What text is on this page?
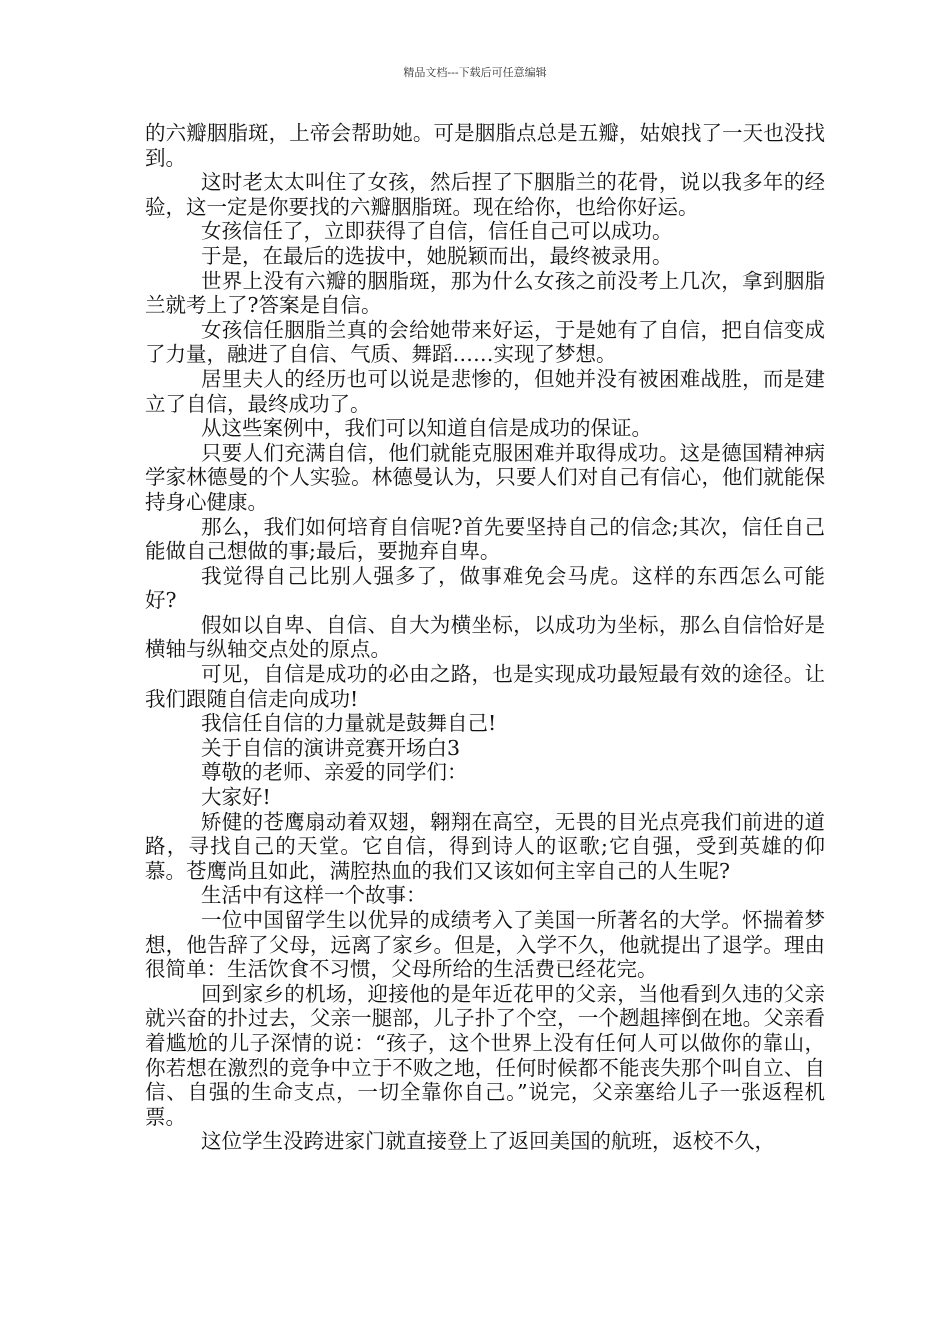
精品文档---下载后可任意编辑

的六瓣胭脂斑，上帝会帮助她。可是胭脂点总是五瓣，姑娘找了一天也没找到。

这时老太太叫住了女孩，然后捏了下胭脂兰的花骨，说以我多年的经验，这一定是你要找的六瓣胭脂斑。现在给你，也给你好运。

女孩信任了，立即获得了自信，信任自己可以成功。

于是，在最后的选拔中，她脱颖而出，最终被录用。

世界上没有六瓣的胭脂斑，那为什么女孩之前没考上几次，拿到胭脂兰就考上了?答案是自信。

女孩信任胭脂兰真的会给她带来好运，于是她有了自信，把自信变成了力量，融进了自信、气质、舞蹈……实现了梦想。

居里夫人的经历也可以说是悲惨的，但她并没有被困难战胜，而是建立了自信，最终成功了。

从这些案例中，我们可以知道自信是成功的保证。

只要人们充满自信，他们就能克服困难并取得成功。这是德国精神病学家林德曼的个人实验。林德曼认为，只要人们对自己有信心，他们就能保持身心健康。

那么，我们如何培育自信呢?首先要坚持自己的信念;其次，信任自己能做自己想做的事;最后，要抛弃自卑。

我觉得自己比别人强多了，做事难免会马虎。这样的东西怎么可能好?

假如以自卑、自信、自大为横坐标，以成功为坐标，那么自信恰好是横轴与纵轴交点处的原点。

可见，自信是成功的必由之路，也是实现成功最短最有效的途径。让我们跟随自信走向成功!

我信任自信的力量就是鼓舞自己!

关于自信的演讲竞赛开场白3

尊敬的老师、亲爱的同学们：

大家好!

矫健的苍鹰扇动着双翅，翱翔在高空，无畏的目光点亮我们前进的道路，寻找自己的天堂。它自信，得到诗人的讴歌;它自强，受到英雄的仰慕。苍鹰尚且如此，满腔热血的我们又该如何主宰自己的人生呢?

生活中有这样一个故事：

一位中国留学生以优异的成绩考入了美国一所著名的大学。怀揣着梦想，他告辞了父母，远离了家乡。但是，入学不久，他就提出了退学。理由很简单：生活饮食不习惯，父母所给的生活费已经花完。

回到家乡的机场，迎接他的是年近花甲的父亲，当他看到久违的父亲就兴奋的扑过去，父亲一腿部，儿子扑了个空，一个趔趄摔倒在地。父亲看着尴尬的儿子深情的说：“孩子，这个世界上没有任何人可以做你的靠山，你若想在激烈的竞争中立于不败之地，任何时候都不能丧失那个叫自立、自信、自强的生命支点，一切全靠你自己。”说完，父亲塞给儿子一张返程机票。

这位学生没跨进家门就直接登上了返回美国的航班，返校不久，
